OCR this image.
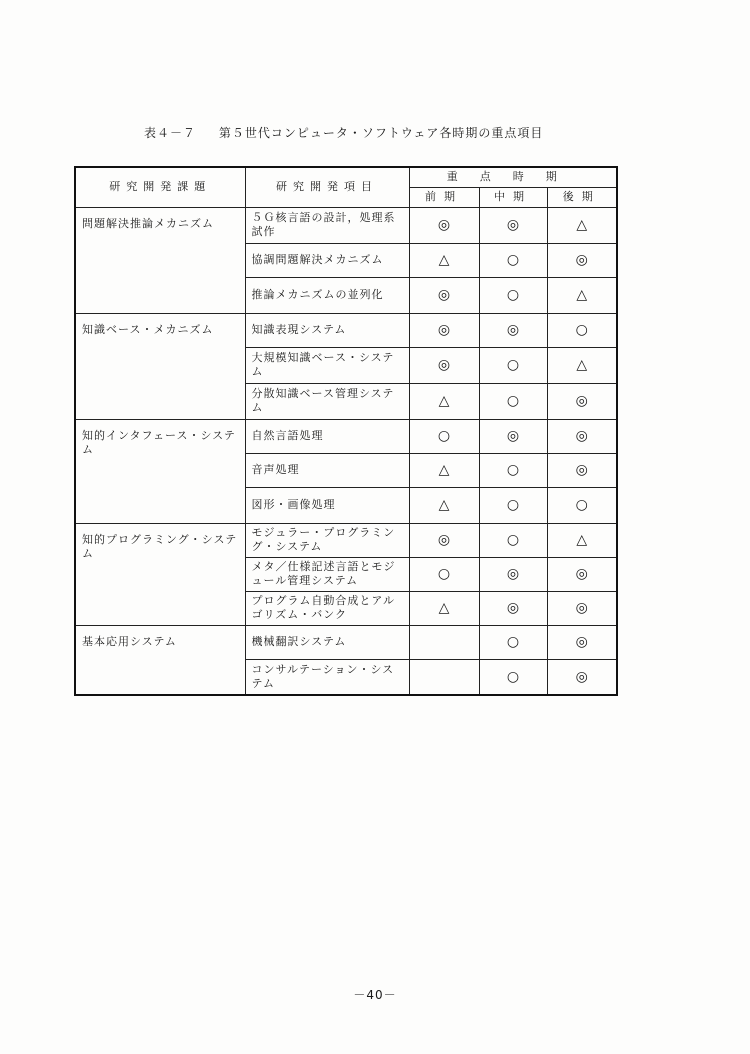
表４－７ 第５世代コンピュータ・ソフトウェア各時期の重点項目
研究開発課題	研究開発項目	重点時期		
		前期	中期	後期
問題解決推論メカニズム	５Ｇ核言語の設計，処理系試作	◎	◎	△
	協調問題解決メカニズム	△	○	◎
	推論メカニズムの並列化	◎	○	△
知識ベース・メカニズム	知識表現システム	◎	◎	○
	大規模知識ベース・システム	◎	○	△
	分散知識ベース管理システム	△	○	◎
知的インタフェース・システム	自然言語処理	○	◎	◎
	音声処理	△	○	◎
	図形・画像処理	△	○	○
知的プログラミング・システム	モジュラー・プログラミング・システム	◎	○	△
	メタ／仕様記述言語とモジュール管理システム	○	◎	◎
	プログラム自動合成とアルゴリズム・バンク	△	◎	◎
基本応用システム	機械翻訳システム		○	◎
	コンサルテーション・システム		○	◎
－40－
